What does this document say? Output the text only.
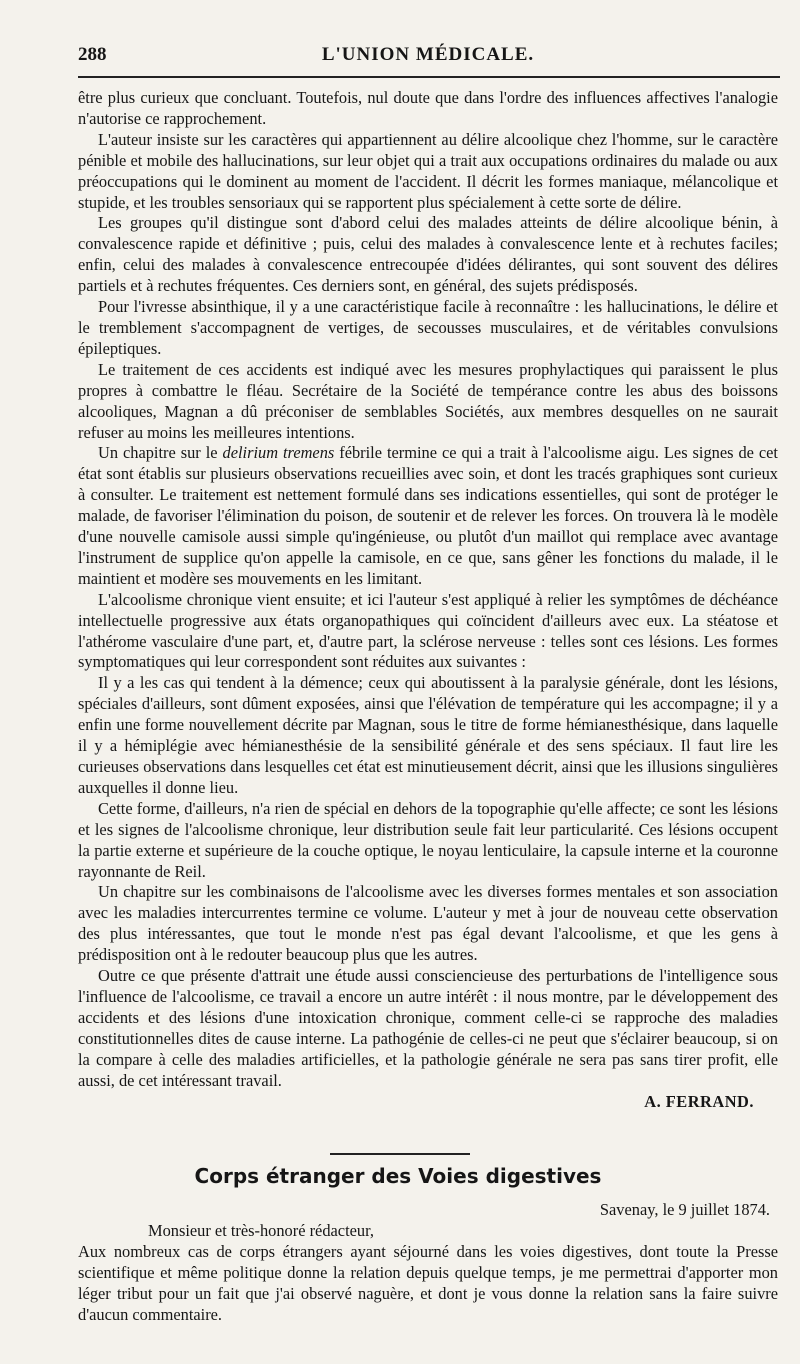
288	L'UNION MÉDICALE.

être plus curieux que concluant. Toutefois, nul doute que dans l'ordre des influences affectives l'analogie n'autorise ce rapprochement.

L'auteur insiste sur les caractères qui appartiennent au délire alcoolique chez l'homme, sur le caractère pénible et mobile des hallucinations, sur leur objet qui a trait aux occupations ordinaires du malade ou aux préoccupations qui le dominent au moment de l'accident. Il décrit les formes maniaque, mélancolique et stupide, et les troubles sensoriaux qui se rapportent plus spécialement à cette sorte de délire.

Les groupes qu'il distingue sont d'abord celui des malades atteints de délire alcoolique bénin, à convalescence rapide et définitive ; puis, celui des malades à convalescence lente et à rechutes faciles; enfin, celui des malades à convalescence entrecoupée d'idées délirantes, qui sont souvent des délires partiels et à rechutes fréquentes. Ces derniers sont, en général, des sujets prédisposés.

Pour l'ivresse absinthique, il y a une caractéristique facile à reconnaître : les hallucinations, le délire et le tremblement s'accompagnent de vertiges, de secousses musculaires, et de véritables convulsions épileptiques.

Le traitement de ces accidents est indiqué avec les mesures prophylactiques qui paraissent le plus propres à combattre le fléau. Secrétaire de la Société de tempérance contre les abus des boissons alcooliques, Magnan a dû préconiser de semblables Sociétés, aux membres desquelles on ne saurait refuser au moins les meilleures intentions.

Un chapitre sur le delirium tremens fébrile termine ce qui a trait à l'alcoolisme aigu. Les signes de cet état sont établis sur plusieurs observations recueillies avec soin, et dont les tracés graphiques sont curieux à consulter. Le traitement est nettement formulé dans ses indications essentielles, qui sont de protéger le malade, de favoriser l'élimination du poison, de soutenir et de relever les forces. On trouvera là le modèle d'une nouvelle camisole aussi simple qu'ingénieuse, ou plutôt d'un maillot qui remplace avec avantage l'instrument de supplice qu'on appelle la camisole, en ce que, sans gêner les fonctions du malade, il le maintient et modère ses mouvements en les limitant.

L'alcoolisme chronique vient ensuite; et ici l'auteur s'est appliqué à relier les symptômes de déchéance intellectuelle progressive aux états organopathiques qui coïncident d'ailleurs avec eux. La stéatose et l'athérome vasculaire d'une part, et, d'autre part, la sclérose nerveuse : telles sont ces lésions. Les formes symptomatiques qui leur correspondent sont réduites aux suivantes :

Il y a les cas qui tendent à la démence; ceux qui aboutissent à la paralysie générale, dont les lésions, spéciales d'ailleurs, sont dûment exposées, ainsi que l'élévation de température qui les accompagne; il y a enfin une forme nouvellement décrite par Magnan, sous le titre de forme hémianesthésique, dans laquelle il y a hémiplégie avec hémianesthésie de la sensibilité générale et des sens spéciaux. Il faut lire les curieuses observations dans lesquelles cet état est minutieusement décrit, ainsi que les illusions singulières auxquelles il donne lieu.

Cette forme, d'ailleurs, n'a rien de spécial en dehors de la topographie qu'elle affecte; ce sont les lésions et les signes de l'alcoolisme chronique, leur distribution seule fait leur particularité. Ces lésions occupent la partie externe et supérieure de la couche optique, le noyau lenticulaire, la capsule interne et la couronne rayonnante de Reil.

Un chapitre sur les combinaisons de l'alcoolisme avec les diverses formes mentales et son association avec les maladies intercurrentes termine ce volume. L'auteur y met à jour de nouveau cette observation des plus intéressantes, que tout le monde n'est pas égal devant l'alcoolisme, et que les gens à prédisposition ont à le redouter beaucoup plus que les autres.

Outre ce que présente d'attrait une étude aussi consciencieuse des perturbations de l'intelligence sous l'influence de l'alcoolisme, ce travail a encore un autre intérêt : il nous montre, par le développement des accidents et des lésions d'une intoxication chronique, comment celle-ci se rapproche des maladies constitutionnelles dites de cause interne. La pathogénie de celles-ci ne peut que s'éclairer beaucoup, si on la compare à celle des maladies artificielles, et la pathologie générale ne sera pas sans tirer profit, elle aussi, de cet intéressant travail.

A. FERRAND.

Corps étranger des Voies digestives

Savenay, le 9 juillet 1874.

Monsieur et très-honoré rédacteur,

Aux nombreux cas de corps étrangers ayant séjourné dans les voies digestives, dont toute la Presse scientifique et même politique donne la relation depuis quelque temps, je me permettrai d'apporter mon léger tribut pour un fait que j'ai observé naguère, et dont je vous donne la relation sans la faire suivre d'aucun commentaire.
